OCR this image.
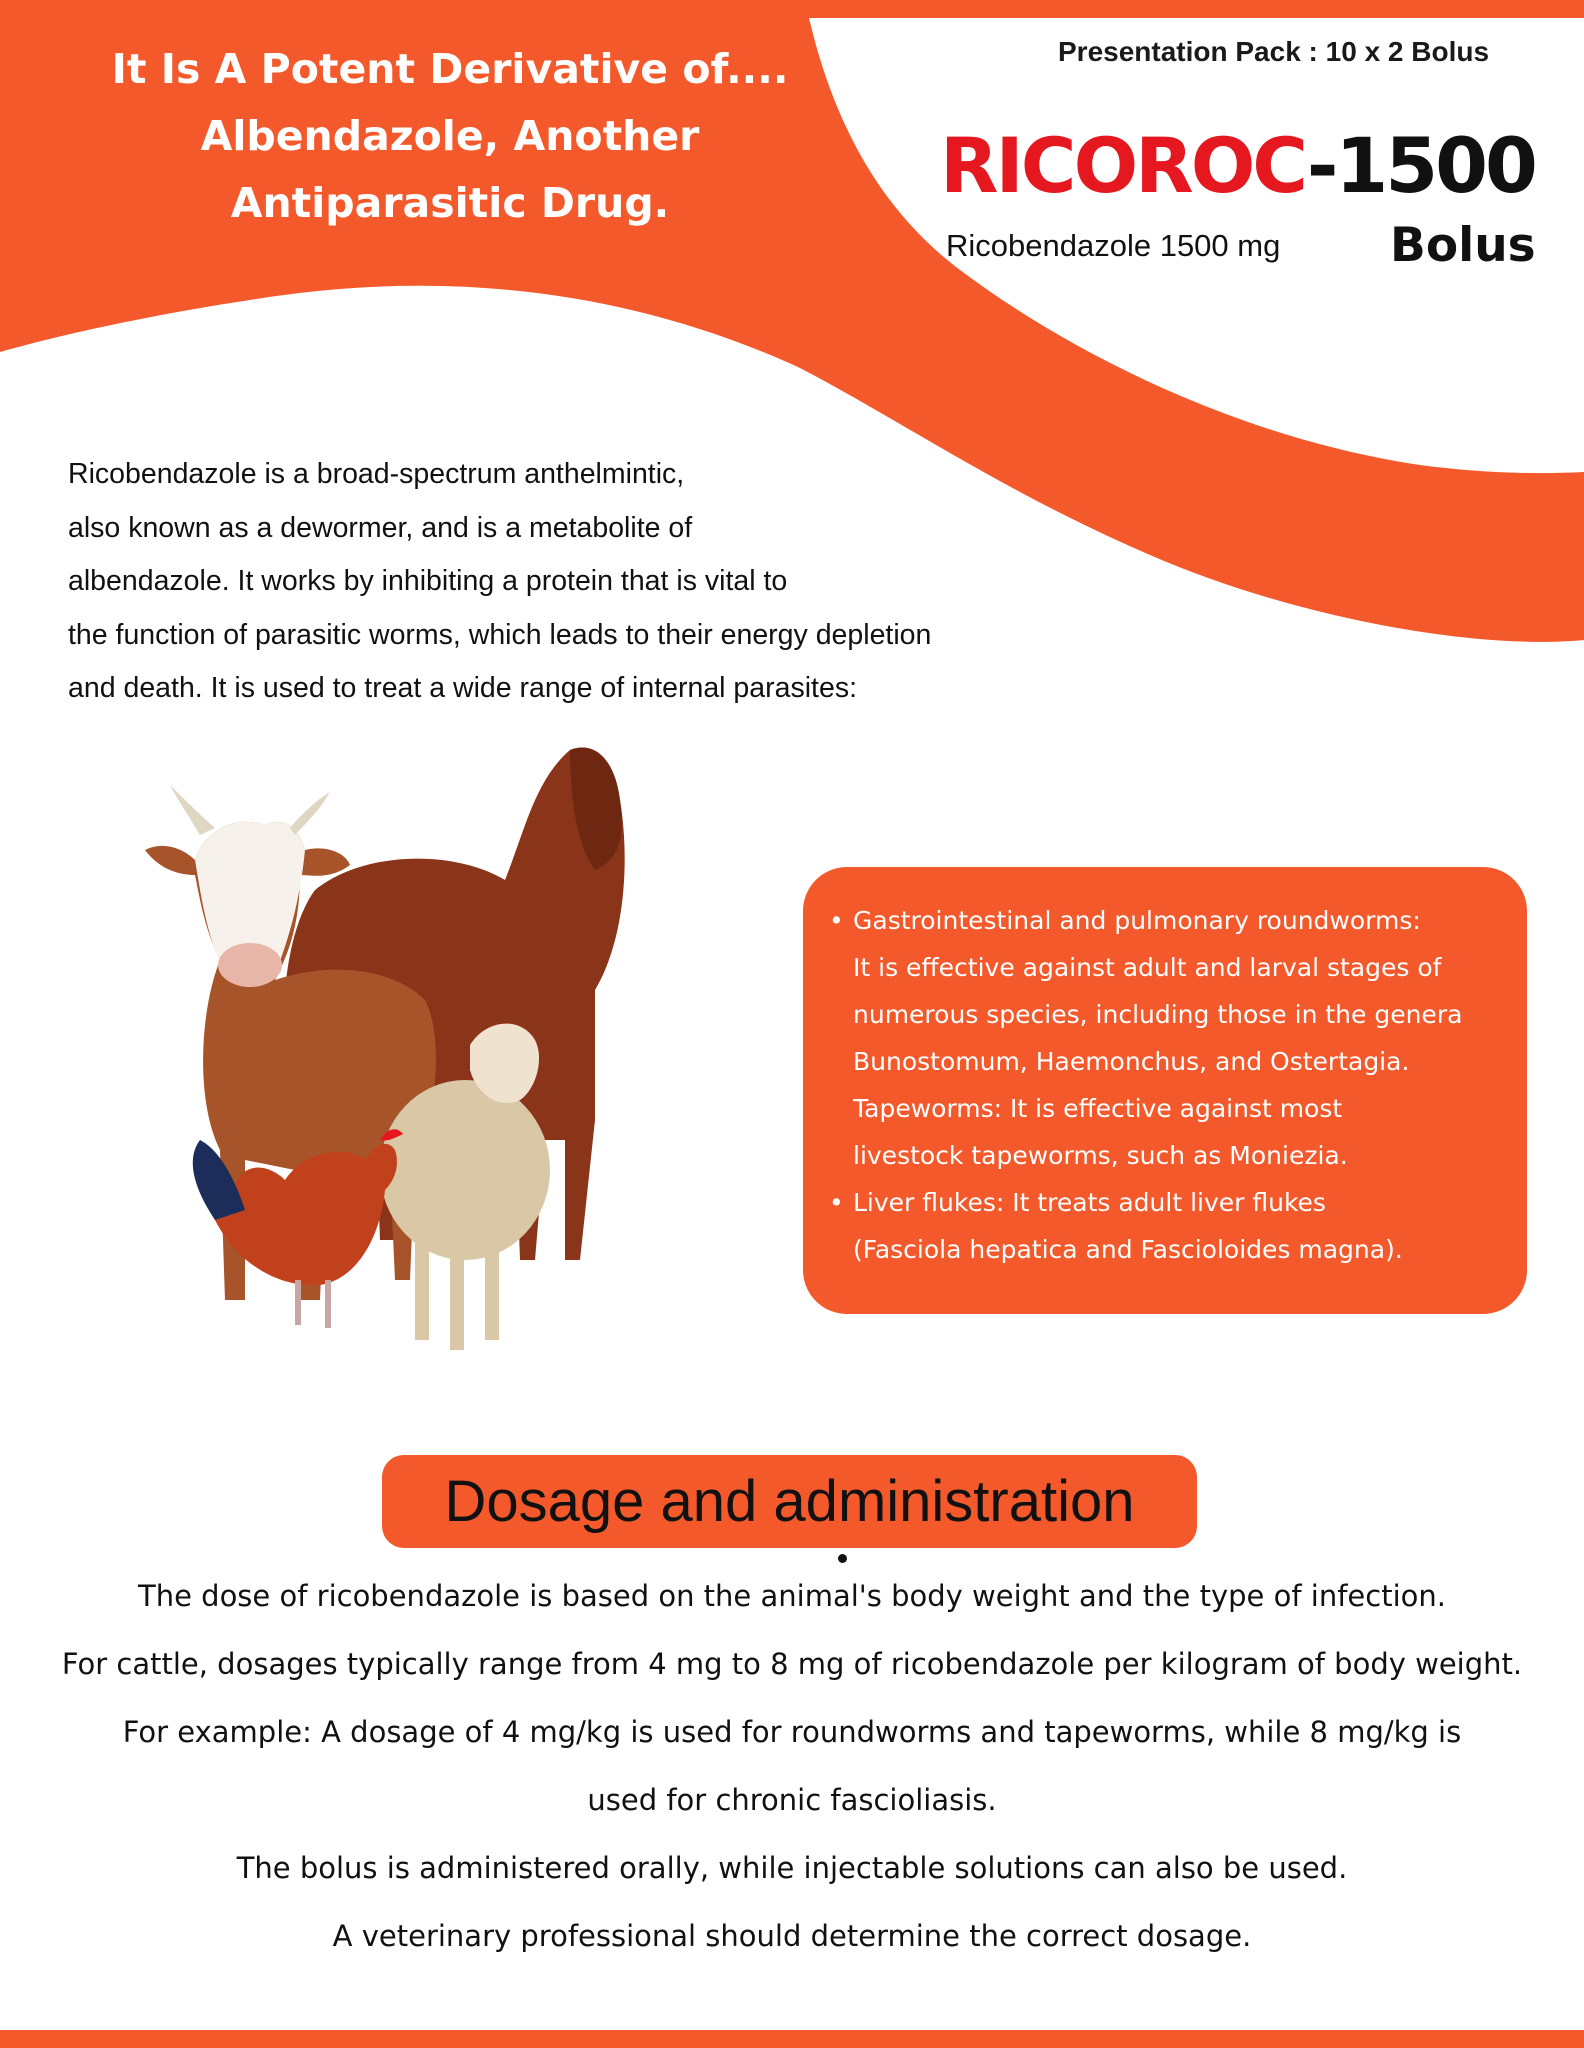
It Is A Potent Derivative of....
Albendazole, Another
Antiparasitic Drug.
Presentation Pack : 10 x 2 Bolus
RICOROC-1500
Ricobendazole 1500 mg Bolus
Ricobendazole is a broad-spectrum anthelmintic,
also known as a dewormer, and is a metabolite of
albendazole. It works by inhibiting a protein that is vital to
the function of parasitic worms, which leads to their energy depletion
and death. It is used to treat a wide range of internal parasites:
• Gastrointestinal and pulmonary roundworms:
It is effective against adult and larval stages of
numerous species, including those in the genera
Bunostomum, Haemonchus, and Ostertagia.
Tapeworms: It is effective against most
livestock tapeworms, such as Moniezia.
• Liver flukes: It treats adult liver flukes
(Fasciola hepatica and Fascioloides magna).
Dosage and administration
The dose of ricobendazole is based on the animal's body weight and the type of infection.
For cattle, dosages typically range from 4 mg to 8 mg of ricobendazole per kilogram of body weight.
For example: A dosage of 4 mg/kg is used for roundworms and tapeworms, while 8 mg/kg is
used for chronic fascioliasis.
The bolus is administered orally, while injectable solutions can also be used.
A veterinary professional should determine the correct dosage.
